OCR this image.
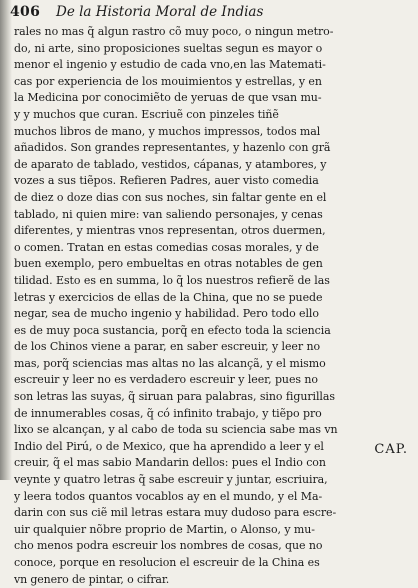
406 De la Historia Moral de Indias
rales no mas q̃ algun rastro cõ muy poco, o ningun metro-
do, ni arte, sino proposiciones sueltas segun es mayor o
menor el ingenio y estudio de cada vno,en las Matemati-
cas por experiencia de los mouimientos y estrellas, y en
la Medicina por conocimiẽto de yeruas de que vsan mu-
y y muchos que curan. Escriuẽ con pinzeles tiñẽ
muchos libros de mano, y muchos impressos, todos mal
añadidos. Son grandes representantes, y hazenlo con grã
de aparato de tablado, vestidos, cápanas, y atambores, y
vozes a sus tiẽpos. Refieren Padres, auer visto comedia
de diez o doze dias con sus noches, sin faltar gente en el
tablado, ni quien mire: van saliendo personajes, y cenas
diferentes, y mientras vnos representan, otros duermen,
o comen. Tratan en estas comedias cosas morales, y de
buen exemplo, pero embueltas en otras notables de gen
tilidad. Esto es en summa, lo q̃ los nuestros refierẽ de las
letras y exercicios de ellas de la China, que no se puede
negar, sea de mucho ingenio y habilidad. Pero todo ello
es de muy poca sustancia, porq̃ en efecto toda la sciencia
de los Chinos viene a parar, en saber escreuir, y leer no
mas, porq̃ sciencias mas altas no las alcançã, y el mismo
escreuir y leer no es verdadero escreuir y leer, pues no
son letras las suyas, q̃ siruan para palabras, sino figurillas
de innumerables cosas, q̃ có infinito trabajo, y tiẽpo pro
lixo se alcançan, y al cabo de toda su sciencia sabe mas vn
Indio del Pirú, o de Mexico, que ha aprendido a leer y el
creuir, q̃ el mas sabio Mandarin dellos: pues el Indio con
veynte y quatro letras q̃ sabe escreuir y juntar, escriuira,
y leera todos quantos vocablos ay en el mundo, y el Ma-
darin con sus ciẽ mil letras estara muy dudoso para escre-
uir qualquier nõbre proprio de Martin, o Alonso, y mu-
cho menos podra escreuir los nombres de cosas, que no
conoce, porque en resolucion el escreuir de la China es
vn genero de pintar, o cifrar.
CAP.
